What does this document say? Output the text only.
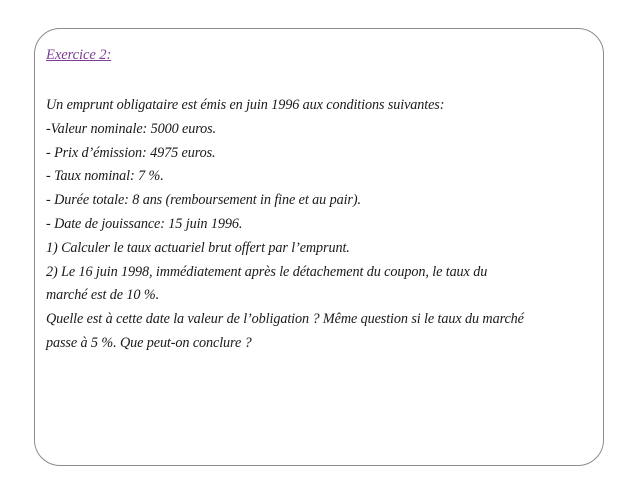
Exercice 2:

Un emprunt obligataire est émis en juin 1996 aux conditions suivantes:

-Valeur nominale: 5000 euros.

- Prix d’émission: 4975 euros.

- Taux nominal: 7 %.

- Durée totale: 8 ans (remboursement in fine et au pair).

- Date de jouissance: 15 juin 1996.

1) Calculer le taux actuariel brut offert par l’emprunt.

2) Le 16 juin 1998, immédiatement après le détachement du coupon, le taux du

marché est de 10 %.

Quelle est à cette date la valeur de l’obligation ? Même question si le taux du marché

passe à 5 %. Que peut-on conclure ?
